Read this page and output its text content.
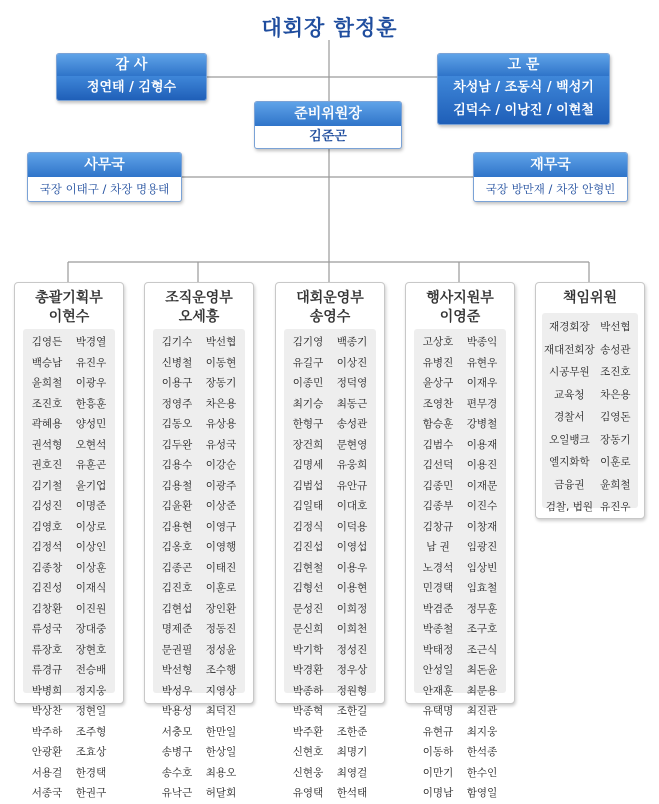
대회장 함정훈
감 사
정연태 / 김형수
고 문
차성남 / 조동식 / 백성기
김덕수 / 이낭진 / 이현철
준비위원장
김준곤
사무국
국장 이태구 / 차장 명용태
재무국
국장 방만재 / 차장 안형빈
총괄기획부
이현수
김영든	박경열
백승남	유진우
윤희철	이광우
조진호	한흥훈
곽혜용	양성민
권석형	오현석
권호진	유훈곤
김기철	윤기업
김성진	이명준
김영호	이상로
김정석	이상인
김종창	이상훈
김진성	이재식
김창환	이진원
류성국	장대중
류장호	장현호
류경규	전승배
박병희	정지웅
박상찬	정현일
박주하	조주형
안광환	조효상
서용걸	한경택
서종국	한권구
조직운영부
오세흥
김기수	박선협
신병철	이동현
이용구	장동기
정영주	차은용
김동오	유상용
김두완	유성국
김용수	이강순
김용철	이광주
김윤환	이상준
김용현	이영구
김옹호	이영행
김종곤	이태진
김진호	이훈로
김현섭	장인환
명제준	정동진
문권필	정성윤
박선형	조수행
박성우	지영상
박용성	최덕진
서충모	한만일
송병구	한상일
송수호	최용오
유낙근	허달회
대회운영부
송영수
김기영	백종기
유길구	이상진
이종민	정덕영
최기승	최동근
한형구	송성관
장건희	문현영
김명세	유웅희
김범섭	유안규
김일태	이대호
김정식	이덕용
김진섭	이영섭
김현철	이용우
김형선	이용현
문성진	이희정
문신희	이희천
박기학	정성진
박경환	정우상
박종하	정원형
박종혁	조한길
박주환	조한준
신현호	최명기
신현웅	최영걸
유영택	한석태
행사지원부
이영준
고상호	박종익
유병진	유현우
윤상구	이재우
조영찬	편무경
함승훈	강병철
김범수	이용재
김선덕	이용진
김종민	이재문
김종부	이진수
김창규	이창재
남 권	임광진
노경석	임상빈
민경택	임효철
박겸준	정무훈
박종철	조구호
박태정	조근식
안성일	최돈윤
안재훈	최문용
유택명	최진관
유현규	최지웅
이동하	한석종
이만기	한수인
이명남	함영일
책임위원
재경회장	박선협
재대전회장 송성관
시공무원	조진호
교육청	차은용
경찰서	김영돈
오일뱅크	장동기
엘지화학	이훈로
금융권	윤희철
검찰, 법원 유진우
